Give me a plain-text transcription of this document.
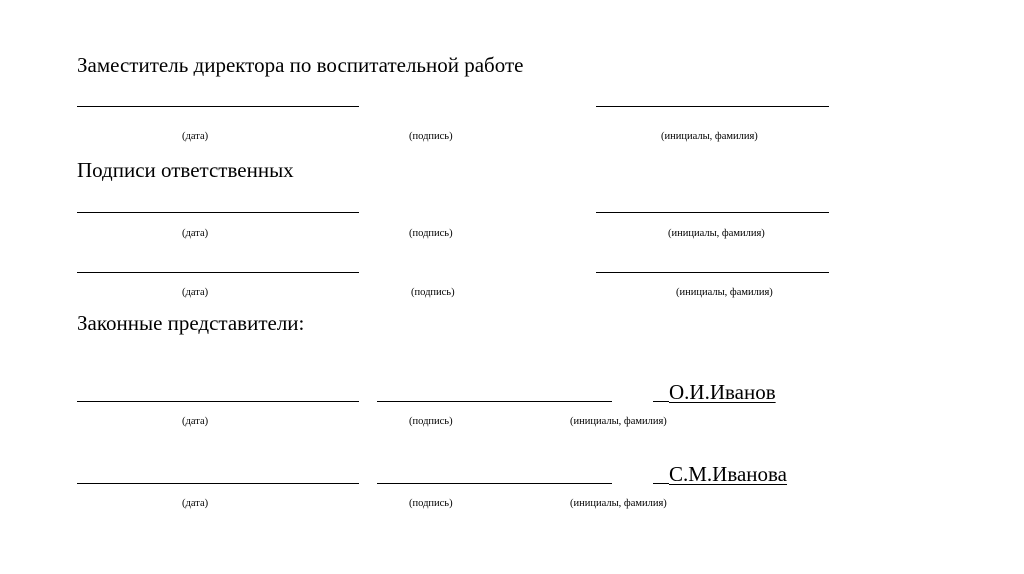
Заместитель директора по воспитательной работе
(дата)	(подпись)	(инициалы, фамилия)
Подписи ответственных
(дата)	(подпись)	(инициалы, фамилия)
(дата)	(подпись)	(инициалы, фамилия)
Законные представители:
О.И.Иванов
(дата)	(подпись)	(инициалы, фамилия)
С.М.Иванова
(дата)	(подпись)	(инициалы, фамилия)
